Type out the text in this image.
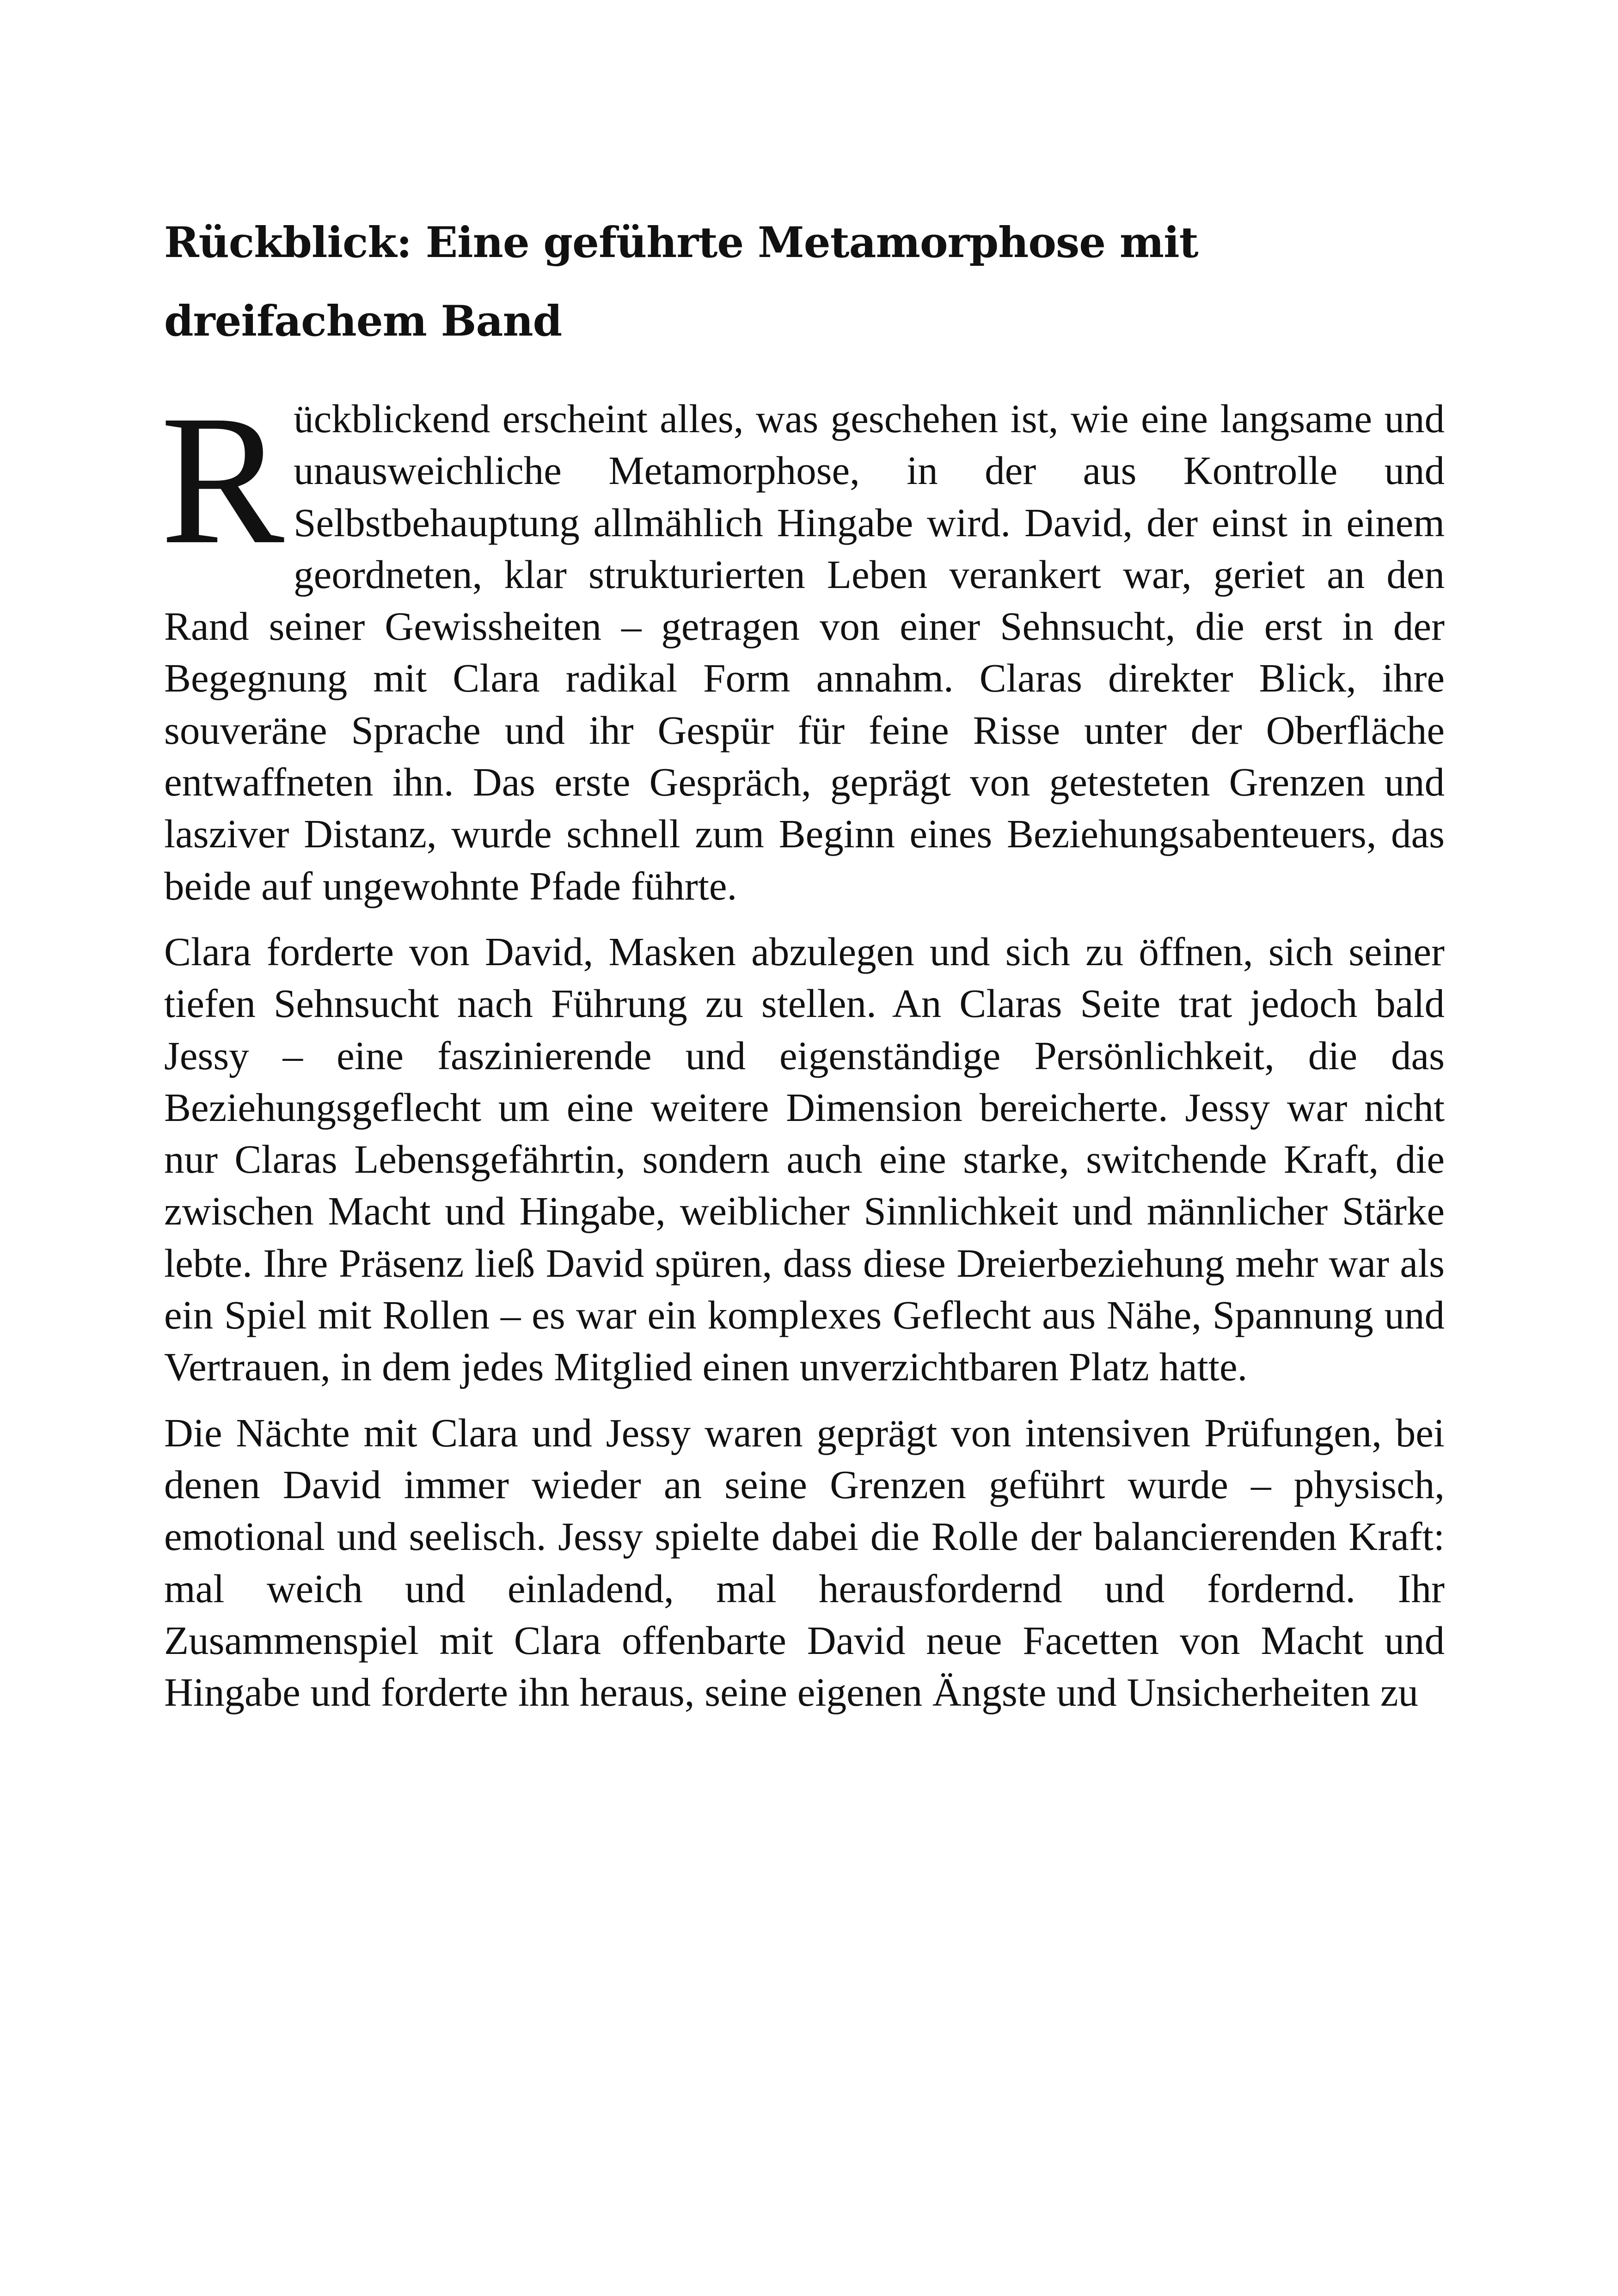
Rückblick: Eine geführte Metamorphose mit dreifachem Band

Rückblickend erscheint alles, was geschehen ist, wie eine langsame und unausweichliche Metamorphose, in der aus Kontrolle und Selbstbehauptung allmählich Hingabe wird. David, der einst in einem geordneten, klar strukturierten Leben verankert war, geriet an den Rand seiner Gewissheiten – getragen von einer Sehnsucht, die erst in der Begegnung mit Clara radikal Form annahm. Claras direkter Blick, ihre souveräne Sprache und ihr Gespür für feine Risse unter der Oberfläche entwaffneten ihn. Das erste Gespräch, geprägt von getesteten Grenzen und lasziver Distanz, wurde schnell zum Beginn eines Beziehungsabenteuers, das beide auf ungewohnte Pfade führte.

Clara forderte von David, Masken abzulegen und sich zu öffnen, sich seiner tiefen Sehnsucht nach Führung zu stellen. An Claras Seite trat jedoch bald Jessy – eine faszinierende und eigenständige Persönlichkeit, die das Beziehungsgeflecht um eine weitere Dimension bereicherte. Jessy war nicht nur Claras Lebensgefährtin, sondern auch eine starke, switchende Kraft, die zwischen Macht und Hingabe, weiblicher Sinnlichkeit und männlicher Stärke lebte. Ihre Präsenz ließ David spüren, dass diese Dreierbeziehung mehr war als ein Spiel mit Rollen – es war ein komplexes Geflecht aus Nähe, Spannung und Vertrauen, in dem jedes Mitglied einen unverzichtbaren Platz hatte.

Die Nächte mit Clara und Jessy waren geprägt von intensiven Prüfungen, bei denen David immer wieder an seine Grenzen geführt wurde – physisch, emotional und seelisch. Jessy spielte dabei die Rolle der balancierenden Kraft: mal weich und einladend, mal herausfordernd und fordernd. Ihr Zusammenspiel mit Clara offenbarte David neue Facetten von Macht und Hingabe und forderte ihn heraus, seine eigenen Ängste und Unsicherheiten zu
